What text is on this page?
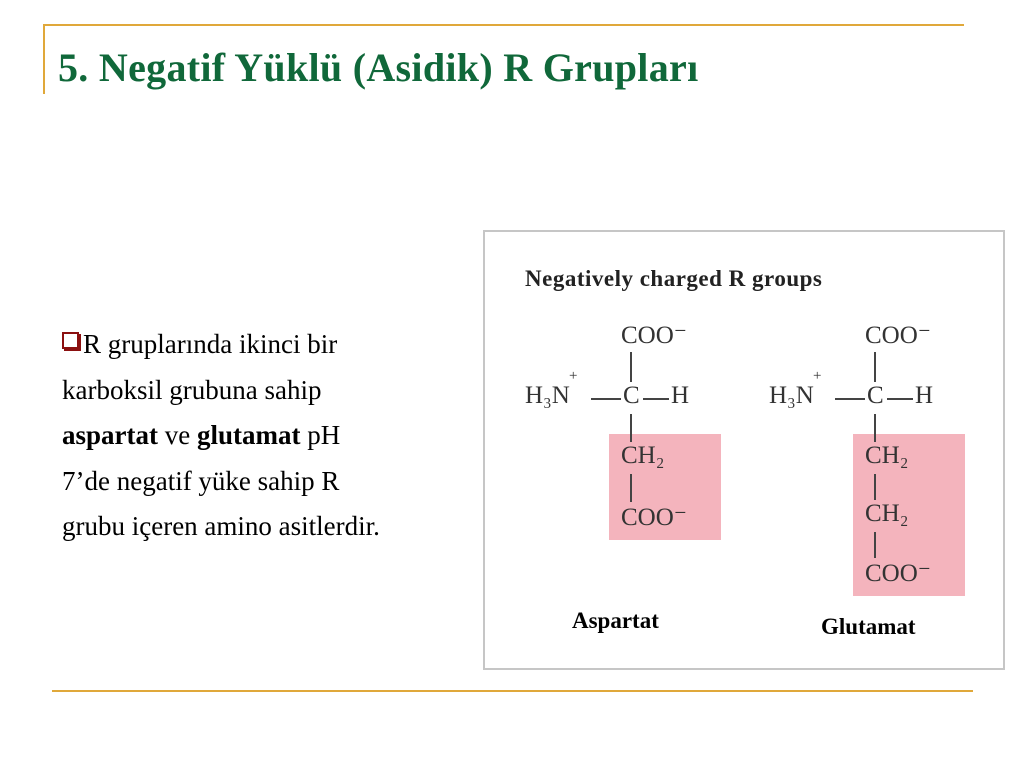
5. Negatif Yüklü (Asidik) R Grupları
R gruplarında ikinci bir karboksil grubuna sahip aspartat ve glutamat pH 7’de negatif yüke sahip R grubu içeren amino asitlerdir.
Negatively charged R groups
COO⁻
+
H₃N C H
CH₂
COO⁻
Aspartat
COO⁻
+
H₃N C H
CH₂
CH₂
COO⁻
Glutamat
